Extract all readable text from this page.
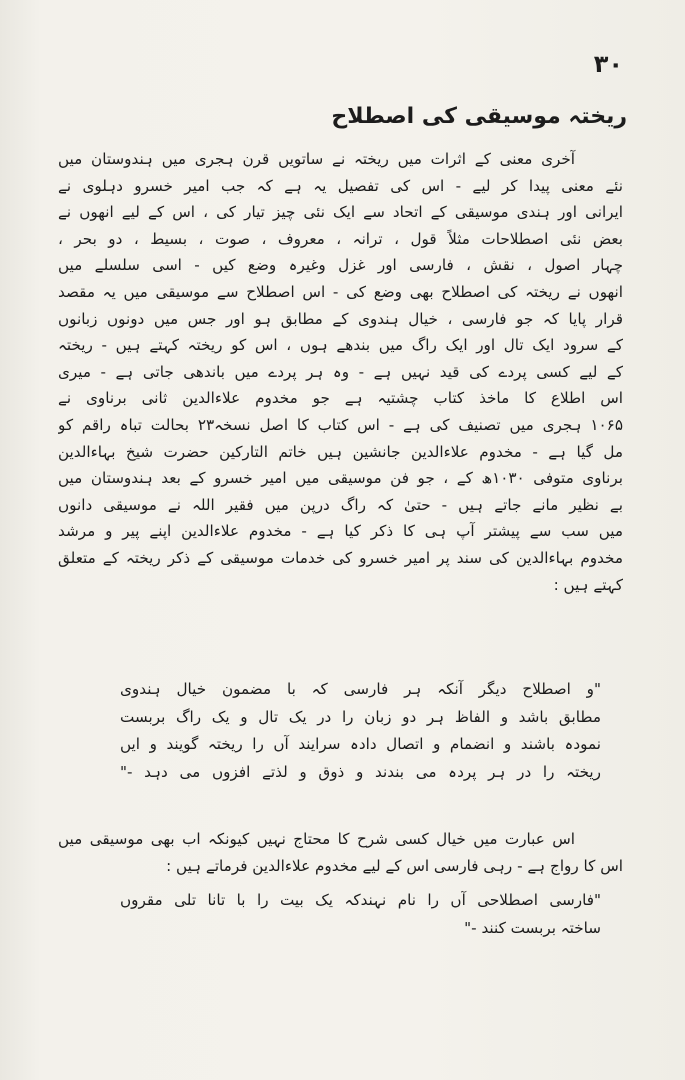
۳۰
ریختہ موسیقی کی اصطلاح
آخری معنی کے اثرات میں ریختہ نے ساتویں قرن ہجری میں ہندوستان میں
نئے معنی پیدا کر لیے - اس کی تفصیل یہ ہے کہ جب امیر خسرو دہلوی نے
ایرانی اور ہندی موسیقی کے اتحاد سے ایک نئی چیز تیار کی ، اس کے لیے انھوں نے
بعض نئی اصطلاحات مثلاً قول ، ترانہ ، معروف ، صوت ، بسیط ، دو بحر ،
چہار اصول ، نقش ، فارسی اور غزل وغیرہ وضع کیں - اسی سلسلے میں
انھوں نے ریختہ کی اصطلاح بھی وضع کی - اس اصطلاح سے موسیقی میں یہ مقصد
قرار پایا کہ جو فارسی ، خیال ہندوی کے مطابق ہو اور جس میں دونوں زبانوں
کے سرود ایک تال اور ایک راگ میں بندھے ہوں ، اس کو ریختہ کہتے ہیں - ریختہ
کے لیے کسی پردے کی قید نہیں ہے - وہ ہر پردے میں باندھی جاتی ہے - میری
اس اطلاع کا ماخذ کتاب چشتیہ ہے جو مخدوم علاءالدین ثانی برناوی نے
۱۰۶۵ ہجری میں تصنیف کی ہے - اس کتاب کا اصل نسخہ۲۳ بحالت تباہ راقم کو
مل گیا ہے - مخدوم علاءالدین جانشین ہیں خاتم التارکین حضرت شیخ بہاءالدین
برناوی متوفی ۱۰۳۰ھ کے ، جو فن موسیقی میں امیر خسرو کے بعد ہندوستان میں
بے نظیر مانے جاتے ہیں - حتیٰ کہ راگ درپن میں فقیر اللہ نے موسیقی دانوں
میں سب سے پیشتر آپ ہی کا ذکر کیا ہے - مخدوم علاءالدین اپنے پیر و مرشد
مخدوم بہاءالدین کی سند پر امیر خسرو کی خدمات موسیقی کے ذکر ریختہ کے متعلق
کہتے ہیں :
"و اصطلاح دیگر آنکہ ہر فارسی کہ با مضمون خیال ہندوی
مطابق باشد و الفاظ ہر دو زبان را در یک تال و یک راگ بربست
نمودہ باشند و انضمام و اتصال دادہ سرایند آں را ریختہ گویند و ایں
ریختہ را در ہر پردہ می بندند و ذوق و لذتے افزوں می دہد -"
اس عبارت میں خیال کسی شرح کا محتاج نہیں کیونکہ اب بھی موسیقی میں
اس کا رواج ہے - رہی فارسی اس کے لیے مخدوم علاءالدین فرماتے ہیں :
"فارسی اصطلاحی آں را نام نہندکہ یک بیت را با تانا تلی مقروں
ساختہ بربست کنند -"
